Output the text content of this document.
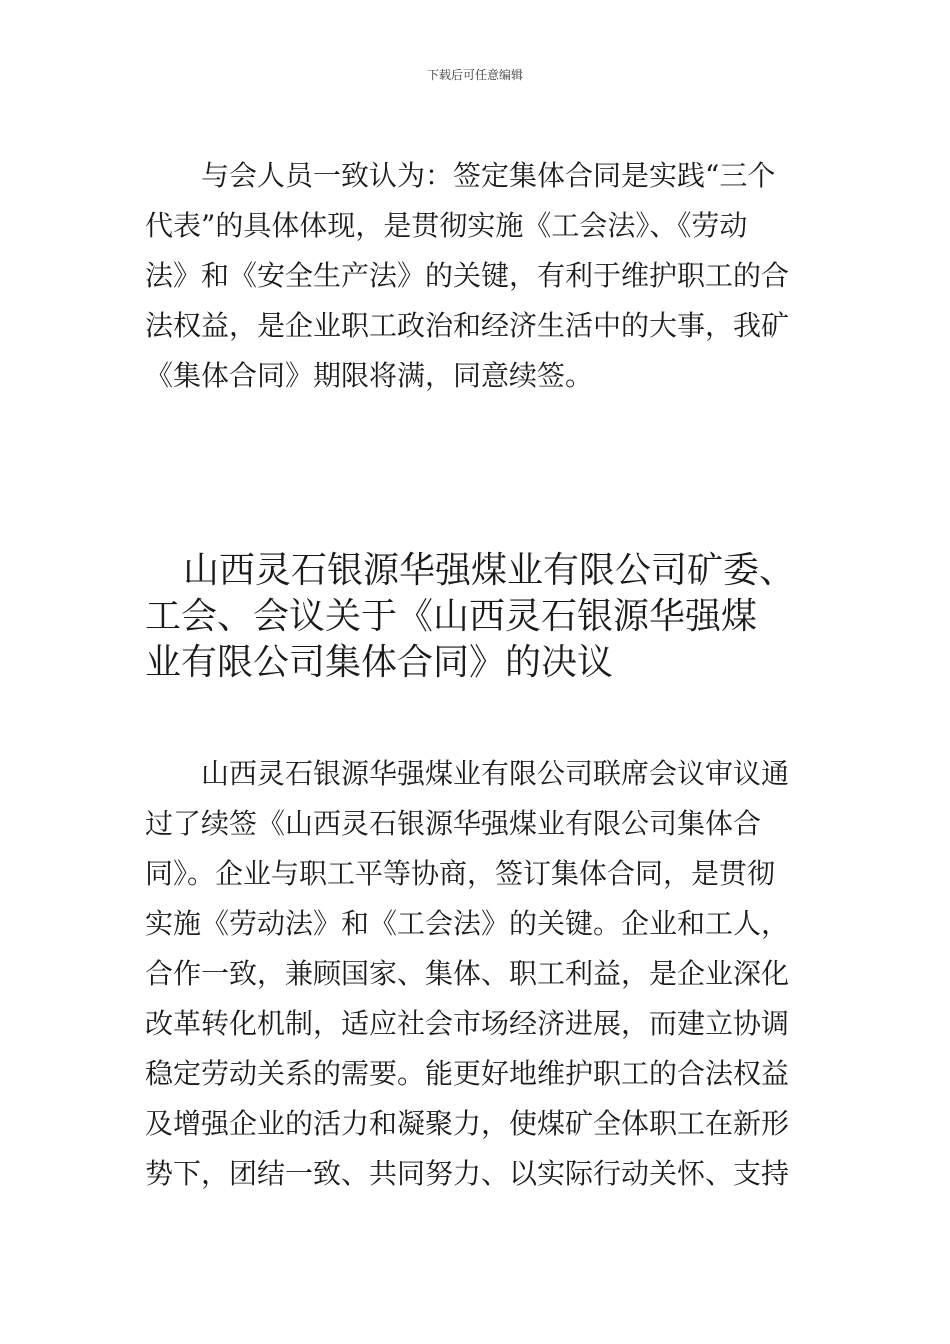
下载后可任意编辑
与会人员一致认为：签定集体合同是实践“三个
代表”的具体体现，是贯彻实施《工会法》、《劳动
法》和《安全生产法》的关键，有利于维护职工的合
法权益，是企业职工政治和经济生活中的大事，我矿
《集体合同》期限将满，同意续签。
山西灵石银源华强煤业有限公司矿委、
工会、会议关于《山西灵石银源华强煤
业有限公司集体合同》的决议
山西灵石银源华强煤业有限公司联席会议审议通
过了续签《山西灵石银源华强煤业有限公司集体合
同》。企业与职工平等协商，签订集体合同，是贯彻
实施《劳动法》和《工会法》的关键。企业和工人，
合作一致，兼顾国家、集体、职工利益，是企业深化
改革转化机制，适应社会市场经济进展，而建立协调
稳定劳动关系的需要。能更好地维护职工的合法权益
及增强企业的活力和凝聚力，使煤矿全体职工在新形
势下，团结一致、共同努力、以实际行动关怀、支持
